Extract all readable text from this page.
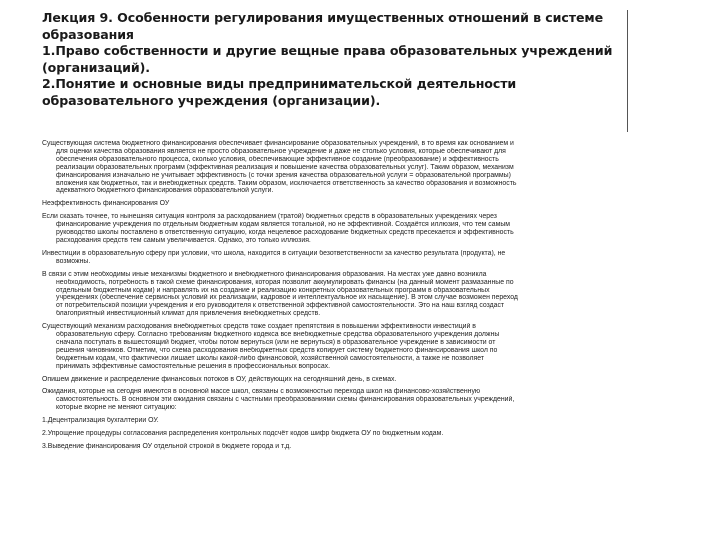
Лекция 9. Особенности регулирования имущественных отношений в системе
образования
1.Право собственности и другие вещные права образовательных учреждений
(организаций).
2.Понятие и основные виды предпринимательской деятельности
образовательного учреждения (организации).
Существующая система бюджетного финансирования обеспечивает финансирование образовательных учреждений, в то время как основанием и
для оценки качества образования является не просто образовательное учреждение и даже не столько условия, которые обеспечивают для
обеспечения образовательного процесса, сколько условия, обеспечивающие эффективное создание (преобразование) и эффективность
реализации образовательных программ (эффективная реализация и повышение качества образовательных услуг). Таким образом, механизм
финансирования изначально не учитывает эффективность (с точки зрения качества образовательной услуги = образовательной программы)
вложения как бюджетных, так и внебюджетных средств. Таким образом, исключается ответственность за качество образования и возможность
адекватного бюджетного финансирования образовательной услуги.
Неэффективность финансирования ОУ
Если сказать точнее, то нынешняя ситуация контроля за расходованием (тратой) бюджетных средств в образовательных учреждениях через
финансирование учреждения по отдельным бюджетным кодам является тотальной, но не эффективной. Создаётся иллюзия, что тем самым
руководство школы поставлено в ответственную ситуацию, когда нецелевое расходование бюджетных средств пресекается и эффективность
расходования средств тем самым увеличивается. Однако, это только иллюзия.
Инвестиции в образовательную сферу при условии, что школа, находится в ситуации безответственности за качество результата (продукта), не
возможны.
В связи с этим необходимы иные механизмы бюджетного и внебюджетного финансирования образования. На местах уже давно возникла
необходимость, потребность в такой схеме финансирования, которая позволит аккумулировать финансы (на данный момент размазанные по
отдельным бюджетным кодам) и направлять их на создание и реализацию конкретных образовательных программ в образовательных
учреждениях (обеспечение сервисных условий их реализации, кадровое и интеллектуальное их насыщение). В этом случае возможен переход
от потребительской позиции учреждения и его руководителя к ответственной эффективной самостоятельности. Это на наш взгляд создаст
благоприятный инвестиционный климат для привлечения внебюджетных средств.
Существующий механизм расходования внебюджетных средств тоже создает препятствия в повышении эффективности инвестиций в
образовательную сферу. Согласно требованиям бюджетного кодекса все внебюджетные средства образовательного учреждения должны
сначала поступать в вышестоящий бюджет, чтобы потом вернуться (или не вернуться) в образовательное учреждение в зависимости от
решения чиновников. Отметим, что схема расходования внебюджетных средств копирует систему бюджетного финансирования школ по
бюджетным кодам, что фактически лишает школы какой-либо финансовой, хозяйственной самостоятельности, а также не позволяет
принимать эффективные самостоятельные решения в профессиональных вопросах.
Опишем движение и распределение финансовых потоков в ОУ, действующих на сегодняшний день, в схемах.
Ожидания, которые на сегодня имеются в основной массе школ, связаны с возможностью перехода школ на финансово-хозяйственную
самостоятельность. В основном эти ожидания связаны с частными преобразованиями схемы финансирования образовательных учреждений,
которые вкорне не меняют ситуацию:
1.Децентрализация бухгалтерии ОУ.
2.Упрощение процедуры согласования распределения контрольных подсчёт кодов шифр бюджета ОУ по бюджетным кодам.
3.Выведение финансирования ОУ отдельной строкой в бюджете города и т.д.
